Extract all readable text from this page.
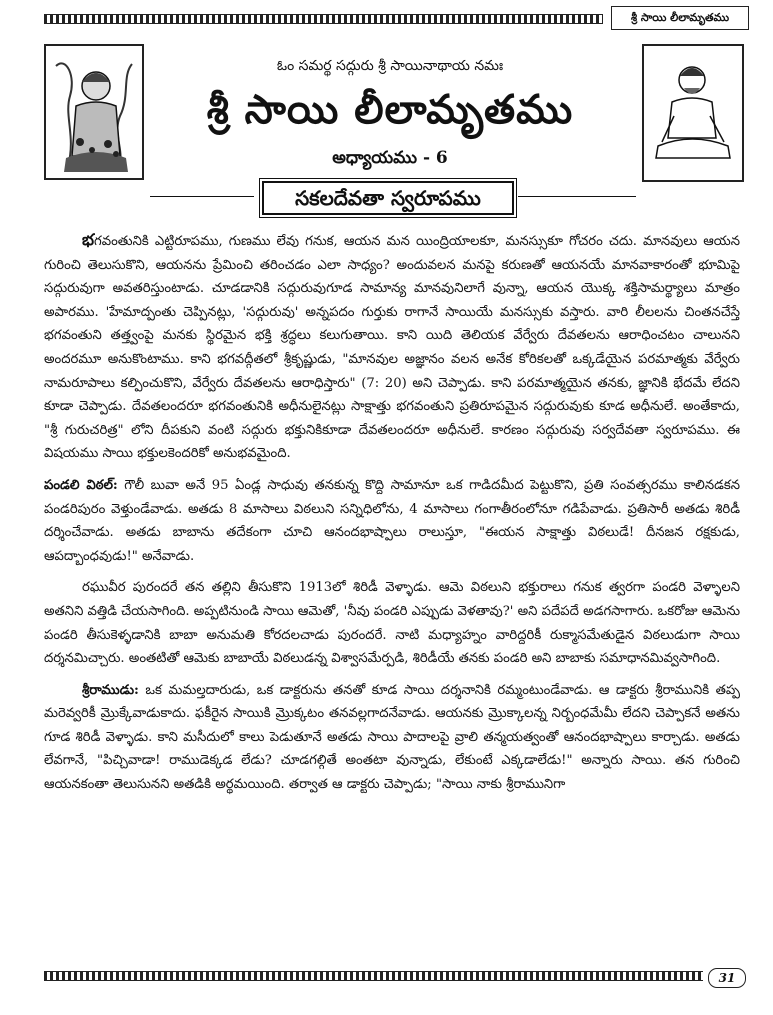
శ్రీ సాయి లీలామృతము
ఓం సమర్థ సద్గురు శ్రీ సాయినాథాయ నమః
శ్రీ సాయి లీలామృతము
అధ్యాయము - 6
సకలదేవతా స్వరూపము

భగవంతునికి ఎట్టిరూపము, గుణము లేవు గనుక, ఆయన మన యింద్రియాలకూ, మనస్సుకూ గోచరం చదు. మానవులు ఆయన గురించి తెలుసుకొని, ఆయనను ప్రేమించి తరించడం ఎలా సాధ్యం? అందువలన మనపై కరుణతో ఆయనయే మానవాకారంతో భూమిపై సద్గురువుగా అవతరిస్తుంటాడు. చూడడానికి సద్గురువుగూడ సామాన్య మానవునిలాగే వున్నా, ఆయన యొక్క శక్తిసామర్థ్యాలు మాత్రం అపారము. 'హేమాద్పంతు చెప్పినట్లు, 'సద్గురువు' అన్నపదం గుర్తుకు రాగానే సాయియే మనస్సుకు వస్తారు. వారి లీలలను చింతనచేస్తే భగవంతుని తత్త్వంపై మనకు స్థిరమైన భక్తి శ్రద్ధలు కలుగుతాయి. కాని యిది తెలియక వేర్వేరు దేవతలను ఆరాధించటం చాలునని అందరమూ అనుకొంటాము. కాని భగవద్గీతలో శ్రీకృష్ణుడు, "మానవుల అజ్ఞానం వలన అనేక కోరికలతో ఒక్కడేయైన పరమాత్మకు వేర్వేరు నామరూపాలు కల్పించుకొని, వేర్వేరు దేవతలను ఆరాధిస్తారు" (7: 20) అని చెప్పాడు. కాని పరమాత్మయైన తనకు, జ్ఞానికి భేదమే లేదని కూడా చెప్పాడు. దేవతలందరూ భగవంతునికి అధీనులైనట్లు సాక్షాత్తు భగవంతుని ప్రతిరూపమైన సద్గురువుకు కూడ అధీనులే. అంతేకాదు, "శ్రీ గురుచరిత్ర" లోని దీపకుని వంటి సద్గురు భక్తునికికూడా దేవతలందరూ అధీనులే. కారణం సద్గురువు సర్వదేవతా స్వరూపము. ఈ విషయము సాయి భక్తులకెందరికో అనుభవమైంది.

పండలి విఠల్: గౌలీ బువా అనే 95 ఏండ్ల సాధువు తనకున్న కొద్ది సామానూ ఒక గాడిదమీద పెట్టుకొని, ప్రతి సంవత్సరము కాలినడకన పండరిపురం వెళ్తుండేవాడు. అతడు 8 మాసాలు విఠలుని సన్నిధిలోను, 4 మాసాలు గంగాతీరంలోనూ గడిపేవాడు. ప్రతిసారీ అతడు శిరిడీ దర్శించేవాడు. అతడు బాబాను తదేకంగా చూచి ఆనందభాష్పాలు రాలుస్తూ, "ఈయన సాక్షాత్తు విఠలుడే! దీనజన రక్షకుడు, ఆపద్బాంధవుడు!" అనేవాడు.

రఘువీర పురందరే తన తల్లిని తీసుకొని 1913లో శిరిడీ వెళ్ళాడు. ఆమె విఠలుని భక్తురాలు గనుక త్వరగా పండరి వెళ్ళాలని అతనిని వత్తిడి చేయసాగింది. అప్పటినుండి సాయి ఆమెతో, 'నీవు పండరి ఎప్పుడు వెళతావు?' అని పదేపదే అడగసాగారు. ఒకరోజు ఆమెను పండరి తీసుకెళ్ళడానికి బాబా అనుమతి కోరదలచాడు పురందరే. నాటి మధ్యాహ్నం వారిద్దరికీ రుక్మాసమేతుడైన విఠలుడుగా సాయి దర్శనమిచ్చారు. అంతటితో ఆమెకు బాబాయే విఠలుడన్న విశ్వాసమేర్పడి, శిరిడీయే తనకు పండరి అని బాబాకు సమాధానమివ్వసాగింది.

శ్రీరాముడు: ఒక మమల్తదారుడు, ఒక డాక్టరును తనతో కూడ సాయి దర్శనానికి రమ్మంటుండేవాడు. ఆ డాక్టరు శ్రీరామునికి తప్ప మరెవ్వరికీ మ్రొక్కేవాడుకాదు. ఫకీరైన సాయికి మ్రొక్కటం తనవల్లగాదనేవాడు. ఆయనకు మ్రొక్కాలన్న నిర్బంధమేమీ లేదని చెప్పాకనే అతను గూడ శిరిడీ వెళ్ళాడు. కాని మసీదులో కాలు పెడుతూనే అతడు సాయి పాదాలపై వ్రాలి తన్మయత్వంతో ఆనందభాష్పాలు కార్చాడు. అతడు లేవగానే, "పిచ్చివాడా! రాముడెక్కడ లేడు? చూడగల్గితే అంతటా వున్నాడు, లేకుంటే ఎక్కడాలేడు!" అన్నారు సాయి. తన గురించి ఆయనకంతా తెలుసునని అతడికి అర్థమయింది. తర్వాత ఆ డాక్టరు చెప్పాడు; "సాయి నాకు శ్రీరామునిగా

31
